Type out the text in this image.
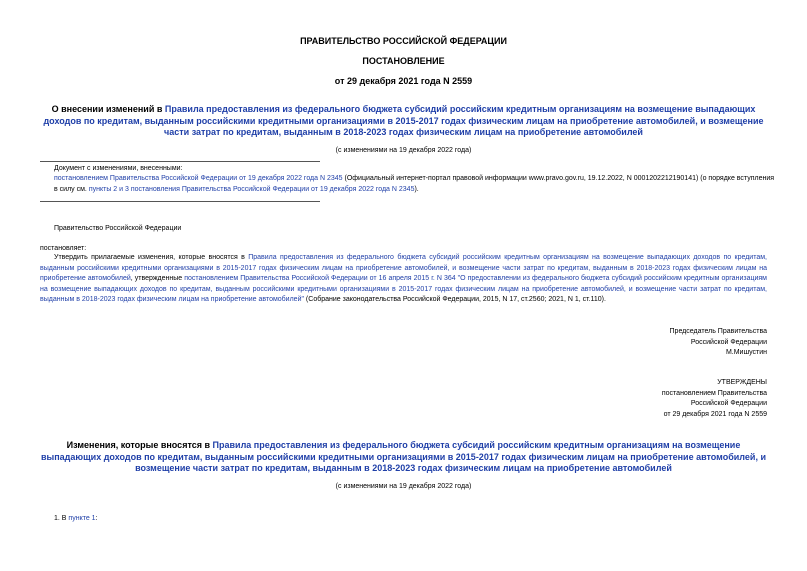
ПРАВИТЕЛЬСТВО РОССИЙСКОЙ ФЕДЕРАЦИИ
ПОСТАНОВЛЕНИЕ
от 29 декабря 2021 года N 2559
О внесении изменений в Правила предоставления из федерального бюджета субсидий российским кредитным организациям на возмещение выпадающих доходов по кредитам, выданным российскими кредитными организациями в 2015-2017 годах физическим лицам на приобретение автомобилей, и возмещение части затрат по кредитам, выданным в 2018-2023 годах физическим лицам на приобретение автомобилей
(с изменениями на 19 декабря 2022 года)
Документ с изменениями, внесенными:
постановлением Правительства Российской Федерации от 19 декабря 2022 года N 2345 (Официальный интернет-портал правовой информации www.pravo.gov.ru, 19.12.2022, N 0001202212190141) (о порядке вступления в силу см. пункты 2 и 3 постановления Правительства Российской Федерации от 19 декабря 2022 года N 2345).
Правительство Российской Федерации
постановляет:
Утвердить прилагаемые изменения, которые вносятся в Правила предоставления из федерального бюджета субсидий российским кредитным организациям на возмещение выпадающих доходов по кредитам, выданным российскими кредитными организациями в 2015-2017 годах физическим лицам на приобретение автомобилей, и возмещение части затрат по кредитам, выданным в 2018-2023 годах физическим лицам на приобретение автомобилей, утвержденные постановлением Правительства Российской Федерации от 16 апреля 2015 г. N 364 "О предоставлении из федерального бюджета субсидий российским кредитным организациям на возмещение выпадающих доходов по кредитам, выданным российскими кредитными организациями в 2015-2017 годах физическим лицам на приобретение автомобилей, и возмещение части затрат по кредитам, выданным в 2018-2023 годах физическим лицам на приобретение автомобилей" (Собрание законодательства Российской Федерации, 2015, N 17, ст.2560; 2021, N 1, ст.110).
Председатель Правительства
Российской Федерации
М.Мишустин
УТВЕРЖДЕНЫ
постановлением Правительства
Российской Федерации
от 29 декабря 2021 года N 2559
Изменения, которые вносятся в Правила предоставления из федерального бюджета субсидий российским кредитным организациям на возмещение выпадающих доходов по кредитам, выданным российскими кредитными организациями в 2015-2017 годах физическим лицам на приобретение автомобилей, и возмещение части затрат по кредитам, выданным в 2018-2023 годах физическим лицам на приобретение автомобилей
(с изменениями на 19 декабря 2022 года)
1. В пункте 1:
